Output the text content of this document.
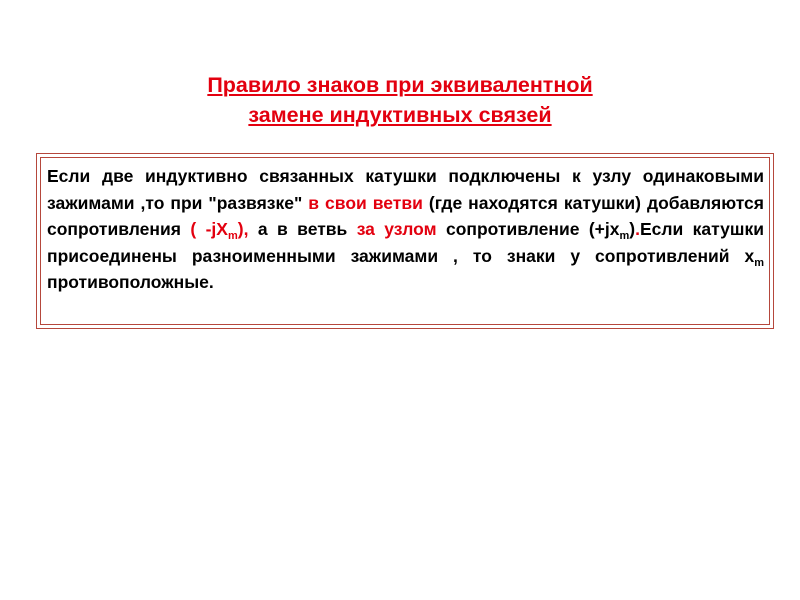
Правило знаков при эквивалентной
замене индуктивных связей

Если две индуктивно связанных катушки подключены к узлу одинаковыми зажимами ,то при "развязке" в свои ветви (где находятся катушки) добавляются сопротивления ( $-jX_m$), а в ветвь за узлом сопротивление $(+jx_m).Если$ катушки присоединены разноименными зажимами , то знаки у сопротивлений $x_m$ противоположные.
